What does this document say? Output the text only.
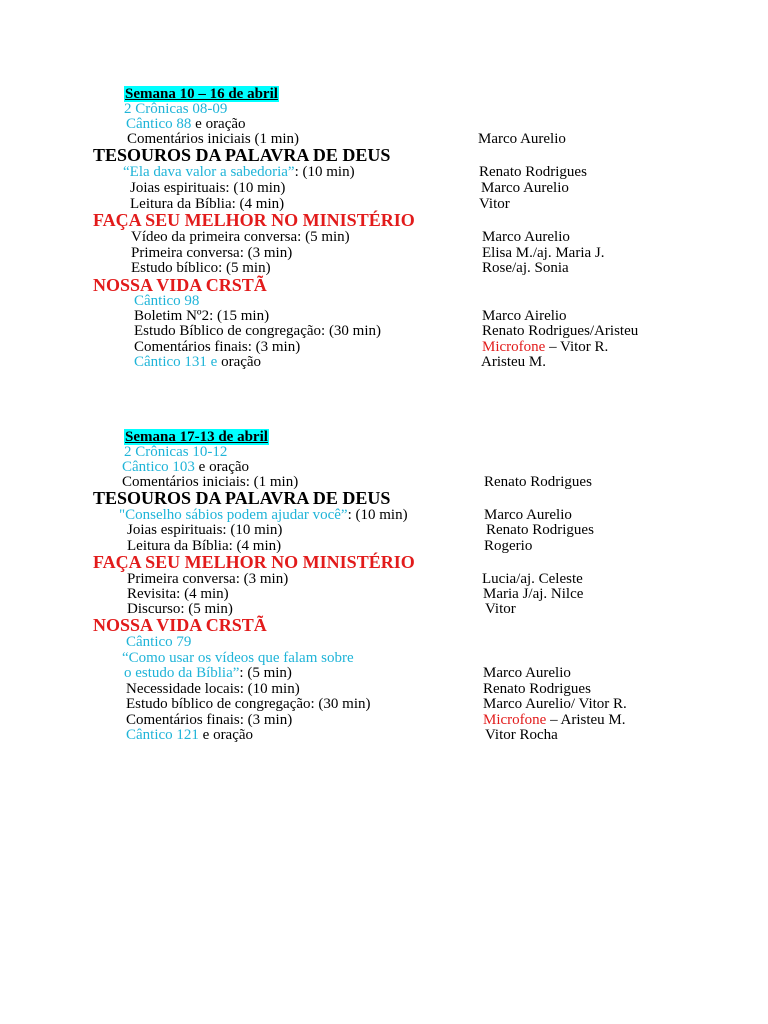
Semana 10 – 16 de abril
2 Crônicas 08-09
Cântico 88 e oração
Comentários iniciais (1 min)	Marco Aurelio
TESOUROS DA PALAVRA DE DEUS
“Ela dava valor a sabedoria”: (10 min)	Renato Rodrigues
Joias espirituais: (10 min)	Marco Aurelio
Leitura da Bíblia: (4 min)	Vitor
FAÇA SEU MELHOR NO MINISTÉRIO
Vídeo da primeira conversa: (5 min)	Marco Aurelio
Primeira conversa: (3 min)	Elisa M./aj. Maria J.
Estudo bíblico: (5 min)	Rose/aj. Sonia
NOSSA VIDA CRSTÃ
Cântico 98
Boletim Nº2: (15 min)	Marco Airelio
Estudo Bíblico de congregação: (30 min)	Renato Rodrigues/Aristeu
Comentários finais: (3 min)	Microfone – Vitor R.
Cântico 131 e oração	Aristeu M.
Semana 17-13 de abril
2 Crônicas 10-12
Cântico 103 e oração
Comentários iniciais: (1 min)	Renato Rodrigues
TESOUROS DA PALAVRA DE DEUS
"Conselho sábios podem ajudar você”: (10 min)	Marco Aurelio
Joias espirituais: (10 min)	Renato Rodrigues
Leitura da Bíblia: (4 min)	Rogerio
FAÇA SEU MELHOR NO MINISTÉRIO
Primeira conversa: (3 min)	Lucia/aj. Celeste
Revisita: (4 min)	Maria J/aj. Nilce
Discurso: (5 min)	Vitor
NOSSA VIDA CRSTÃ
Cântico 79
“Como usar os vídeos que falam sobre
o estudo da Bíblia”: (5 min)	Marco Aurelio
Necessidade locais: (10 min)	Renato Rodrigues
Estudo bíblico de congregação: (30 min)	Marco Aurelio/ Vitor R.
Comentários finais: (3 min)	Microfone – Aristeu M.
Cântico 121 e oração	Vitor Rocha
